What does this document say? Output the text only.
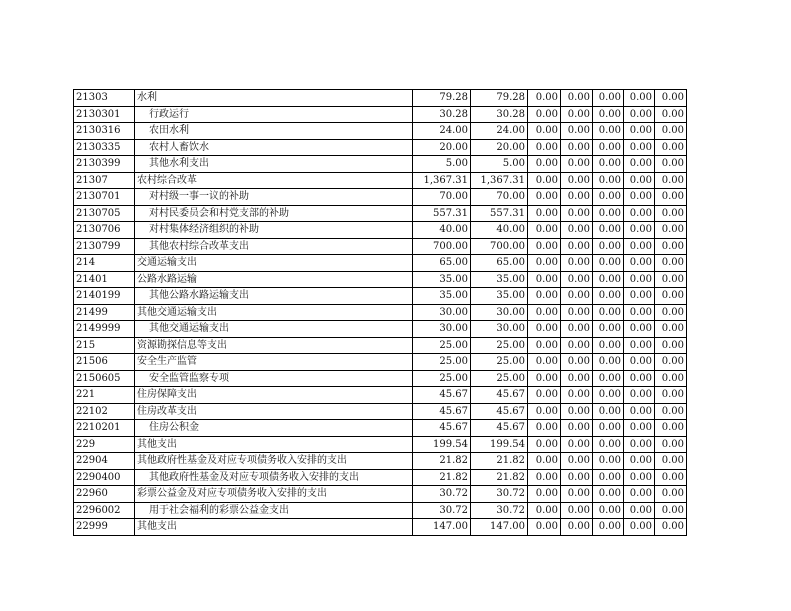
21303	水利	79.28	79.28	0.00	0.00	0.00	0.00	0.00
2130301	行政运行	30.28	30.28	0.00	0.00	0.00	0.00	0.00
2130316	农田水利	24.00	24.00	0.00	0.00	0.00	0.00	0.00
2130335	农村人畜饮水	20.00	20.00	0.00	0.00	0.00	0.00	0.00
2130399	其他水利支出	5.00	5.00	0.00	0.00	0.00	0.00	0.00
21307	农村综合改革	1,367.31	1,367.31	0.00	0.00	0.00	0.00	0.00
2130701	对村级一事一议的补助	70.00	70.00	0.00	0.00	0.00	0.00	0.00
2130705	对村民委员会和村党支部的补助	557.31	557.31	0.00	0.00	0.00	0.00	0.00
2130706	对村集体经济组织的补助	40.00	40.00	0.00	0.00	0.00	0.00	0.00
2130799	其他农村综合改革支出	700.00	700.00	0.00	0.00	0.00	0.00	0.00
214	交通运输支出	65.00	65.00	0.00	0.00	0.00	0.00	0.00
21401	公路水路运输	35.00	35.00	0.00	0.00	0.00	0.00	0.00
2140199	其他公路水路运输支出	35.00	35.00	0.00	0.00	0.00	0.00	0.00
21499	其他交通运输支出	30.00	30.00	0.00	0.00	0.00	0.00	0.00
2149999	其他交通运输支出	30.00	30.00	0.00	0.00	0.00	0.00	0.00
215	资源勘探信息等支出	25.00	25.00	0.00	0.00	0.00	0.00	0.00
21506	安全生产监管	25.00	25.00	0.00	0.00	0.00	0.00	0.00
2150605	安全监管监察专项	25.00	25.00	0.00	0.00	0.00	0.00	0.00
221	住房保障支出	45.67	45.67	0.00	0.00	0.00	0.00	0.00
22102	住房改革支出	45.67	45.67	0.00	0.00	0.00	0.00	0.00
2210201	住房公积金	45.67	45.67	0.00	0.00	0.00	0.00	0.00
229	其他支出	199.54	199.54	0.00	0.00	0.00	0.00	0.00
22904	其他政府性基金及对应专项债务收入安排的支出	21.82	21.82	0.00	0.00	0.00	0.00	0.00
2290400	其他政府性基金及对应专项债务收入安排的支出	21.82	21.82	0.00	0.00	0.00	0.00	0.00
22960	彩票公益金及对应专项债务收入安排的支出	30.72	30.72	0.00	0.00	0.00	0.00	0.00
2296002	用于社会福利的彩票公益金支出	30.72	30.72	0.00	0.00	0.00	0.00	0.00
22999	其他支出	147.00	147.00	0.00	0.00	0.00	0.00	0.00
